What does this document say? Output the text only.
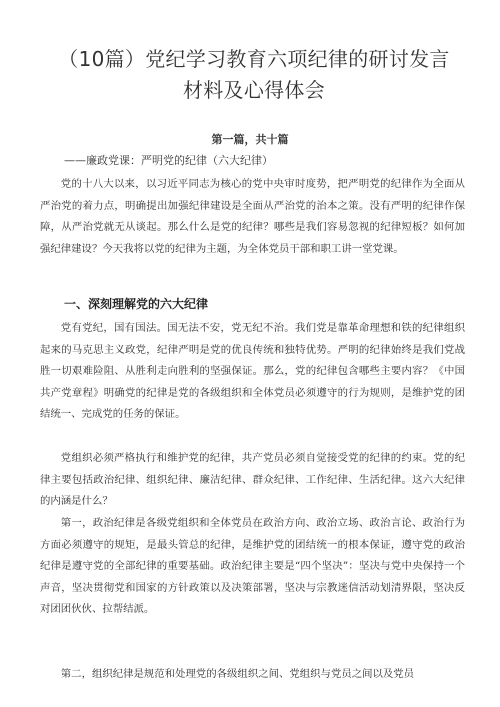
（10篇）党纪学习教育六项纪律的研讨发言材料及心得体会
第一篇，共十篇
——廉政党课：严明党的纪律（六大纪律）

党的十八大以来，以习近平同志为核心的党中央审时度势，把严明党的纪律作为全面从严治党的着力点，明确提出加强纪律建设是全面从严治党的治本之策。没有严明的纪律作保障，从严治党就无从谈起。那么什么是党的纪律？哪些是我们容易忽视的纪律短板？如何加强纪律建设？今天我将以党的纪律为主题，为全体党员干部和职工讲一堂党课。

一、深刻理解党的六大纪律

党有党纪，国有国法。国无法不安，党无纪不治。我们党是靠革命理想和铁的纪律组织起来的马克思主义政党，纪律严明是党的优良传统和独特优势。严明的纪律始终是我们党战胜一切艰难险阻、从胜利走向胜利的坚强保证。那么，党的纪律包含哪些主要内容？《中国共产党章程》明确党的纪律是党的各级组织和全体党员必须遵守的行为规则，是维护党的团结统一、完成党的任务的保证。

党组织必须严格执行和维护党的纪律，共产党员必须自觉接受党的纪律的约束。党的纪律主要包括政治纪律、组织纪律、廉洁纪律、群众纪律、工作纪律、生活纪律。这六大纪律的内涵是什么？

第一，政治纪律是各级党组织和全体党员在政治方向、政治立场、政治言论、政治行为方面必须遵守的规矩，是最头管总的纪律，是维护党的团结统一的根本保证，遵守党的政治纪律是遵守党的全部纪律的重要基础。政治纪律主要是“四个坚决”：坚决与党中央保持一个声音，坚决贯彻党和国家的方针政策以及决策部署，坚决与宗教迷信活动划清界限，坚决反对团团伙伙、拉帮结派。

第二，组织纪律是规范和处理党的各级组织之间、党组织与党员之间以及党员
